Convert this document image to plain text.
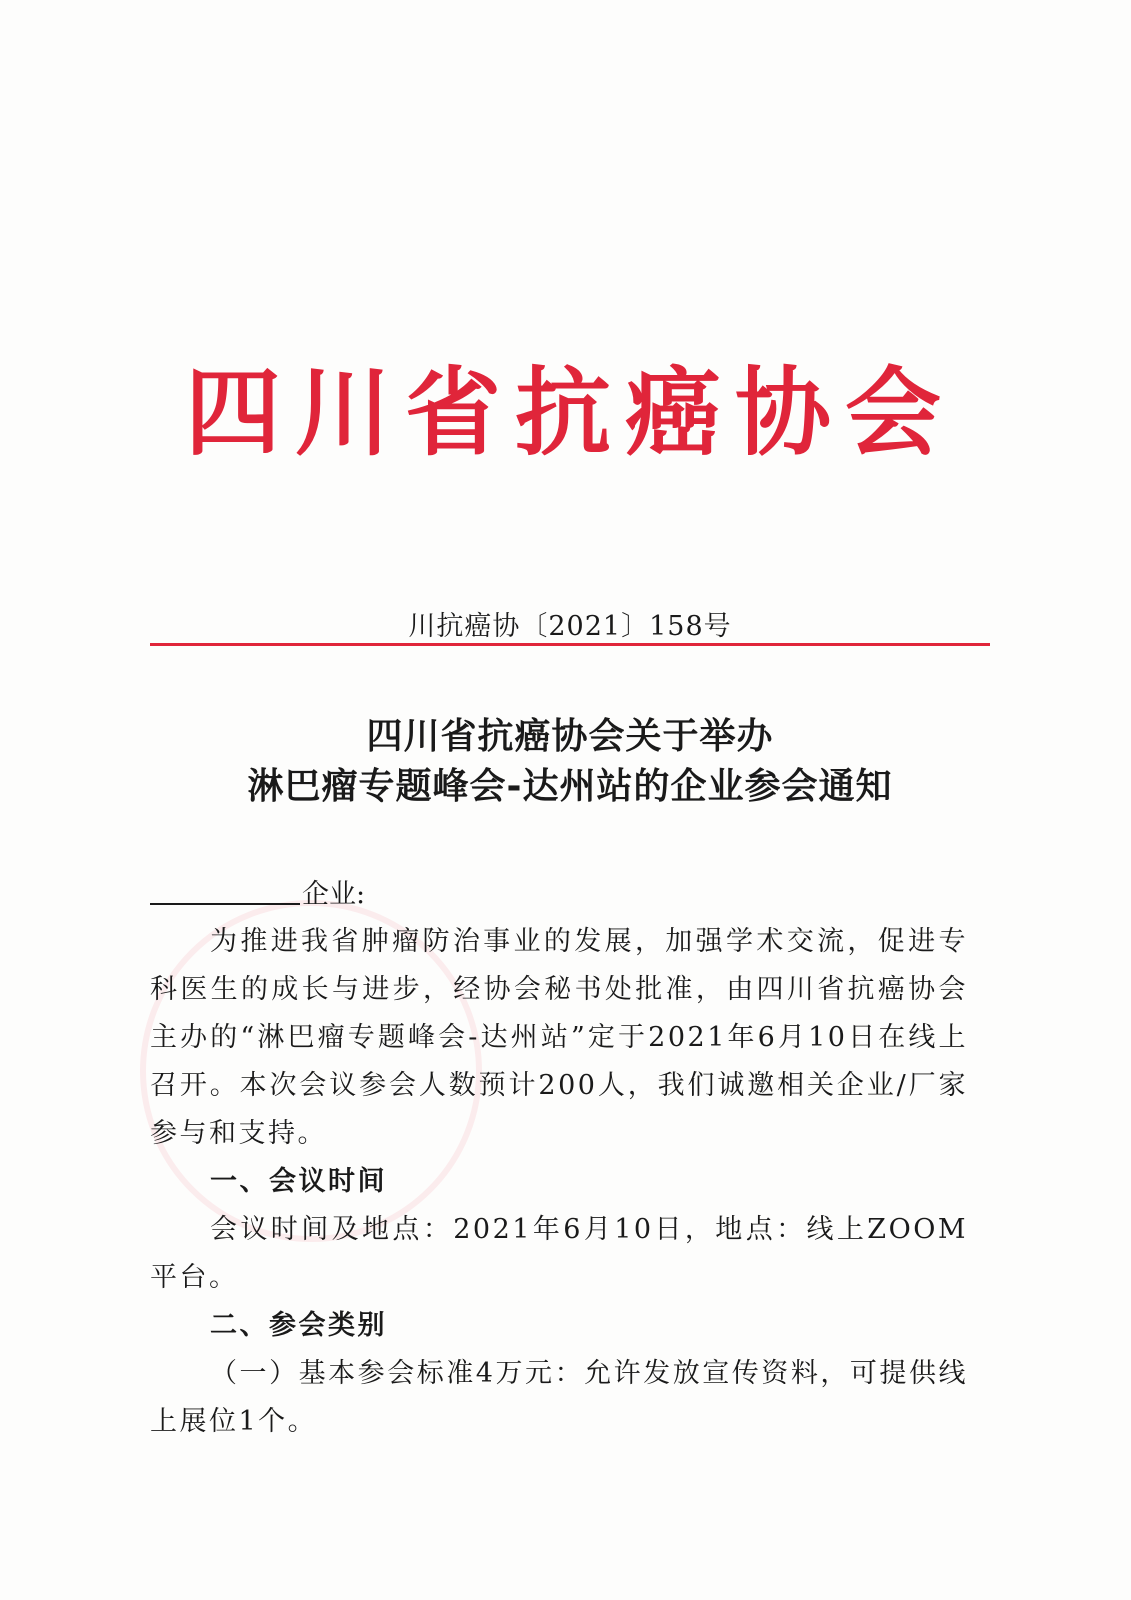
四川省抗癌协会
川抗癌协〔2021〕158号
四川省抗癌协会关于举办
淋巴瘤专题峰会-达州站的企业参会通知
企业:

为推进我省肿瘤防治事业的发展，加强学术交流，促进专科医生的成长与进步，经协会秘书处批准，由四川省抗癌协会主办的“淋巴瘤专题峰会-达州站”定于2021年6月10日在线上召开。本次会议参会人数预计200人，我们诚邀相关企业/厂家参与和支持。

一、会议时间

会议时间及地点：2021年6月10日，地点：线上ZOOM平台。

二、参会类别

（一）基本参会标准4万元：允许发放宣传资料，可提供线上展位1个。
